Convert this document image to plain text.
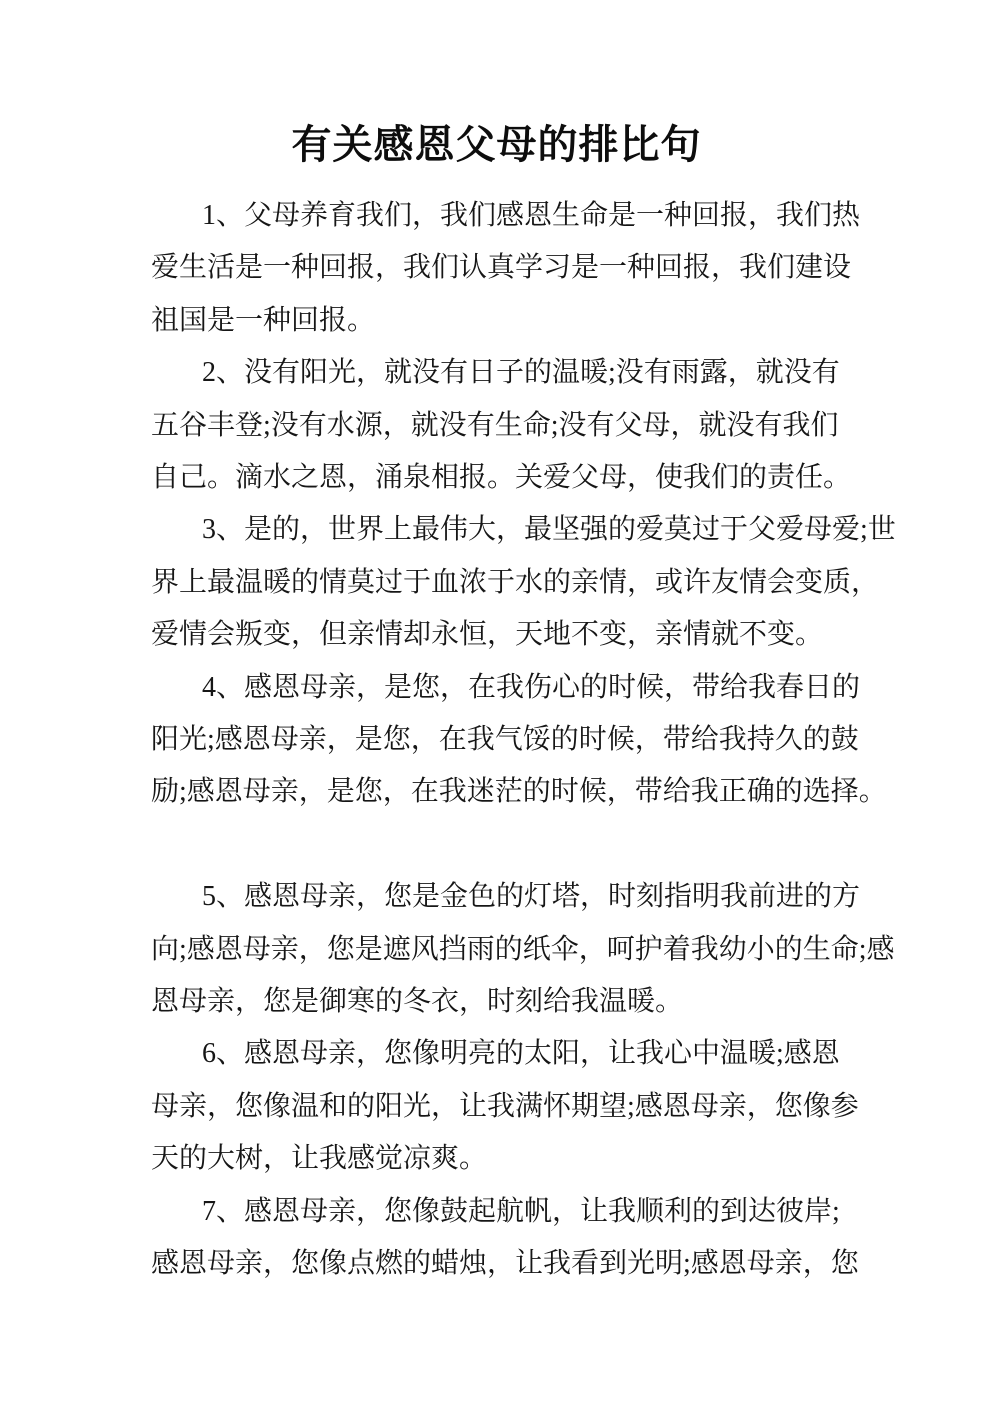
有关感恩父母的排比句

1、父母养育我们，我们感恩生命是一种回报，我们热
爱生活是一种回报，我们认真学习是一种回报，我们建设
祖国是一种回报。

2、没有阳光，就没有日子的温暖;没有雨露，就没有
五谷丰登;没有水源，就没有生命;没有父母，就没有我们
自己。滴水之恩，涌泉相报。关爱父母，使我们的责任。

3、是的，世界上最伟大，最坚强的爱莫过于父爱母爱;世
界上最温暖的情莫过于血浓于水的亲情，或许友情会变质，
爱情会叛变，但亲情却永恒，天地不变，亲情就不变。

4、感恩母亲，是您，在我伤心的时候，带给我春日的
阳光;感恩母亲，是您，在我气馁的时候，带给我持久的鼓
励;感恩母亲，是您，在我迷茫的时候，带给我正确的选择。

5、感恩母亲，您是金色的灯塔，时刻指明我前进的方
向;感恩母亲，您是遮风挡雨的纸伞，呵护着我幼小的生命;感
恩母亲，您是御寒的冬衣，时刻给我温暖。

6、感恩母亲，您像明亮的太阳，让我心中温暖;感恩
母亲，您像温和的阳光，让我满怀期望;感恩母亲，您像参
天的大树，让我感觉凉爽。

7、感恩母亲，您像鼓起航帆，让我顺利的到达彼岸;
感恩母亲，您像点燃的蜡烛，让我看到光明;感恩母亲，您
